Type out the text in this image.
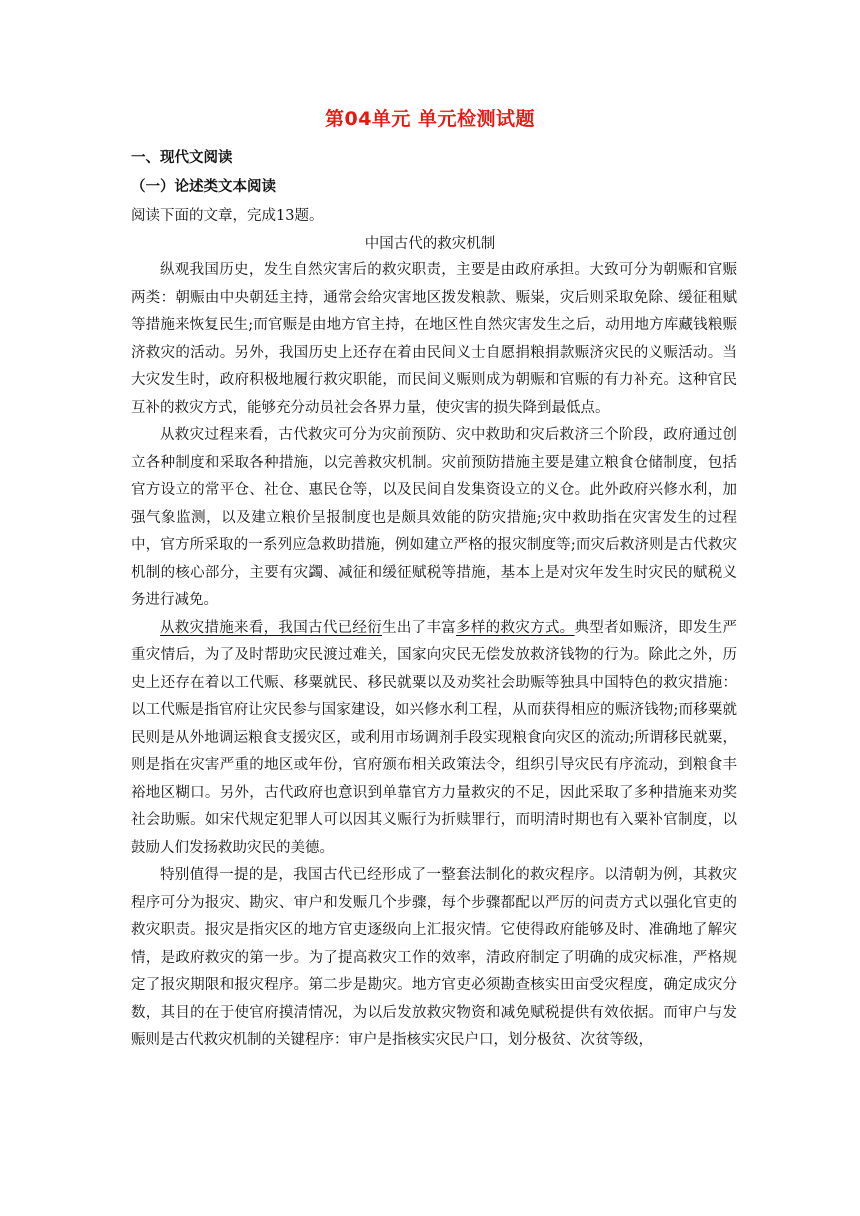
第04单元 单元检测试题
一、现代文阅读
（一）论述类文本阅读
阅读下面的文章，完成13题。
中国古代的救灾机制

纵观我国历史，发生自然灾害后的救灾职责，主要是由政府承担。大致可分为朝赈和官赈两类：朝赈由中央朝廷主持，通常会给灾害地区拨发粮款、赈粜，灾后则采取免除、缓征租赋等措施来恢复民生;而官赈是由地方官主持，在地区性自然灾害发生之后，动用地方库藏钱粮赈济救灾的活动。另外，我国历史上还存在着由民间义士自愿捐粮捐款赈济灾民的义赈活动。当大灾发生时，政府积极地履行救灾职能，而民间义赈则成为朝赈和官赈的有力补充。这种官民互补的救灾方式，能够充分动员社会各界力量，使灾害的损失降到最低点。

从救灾过程来看，古代救灾可分为灾前预防、灾中救助和灾后救济三个阶段，政府通过创立各种制度和采取各种措施，以完善救灾机制。灾前预防措施主要是建立粮食仓储制度，包括官方设立的常平仓、社仓、惠民仓等，以及民间自发集资设立的义仓。此外政府兴修水利，加强气象监测，以及建立粮价呈报制度也是颇具效能的防灾措施;灾中救助指在灾害发生的过程中，官方所采取的一系列应急救助措施，例如建立严格的报灾制度等;而灾后救济则是古代救灾机制的核心部分，主要有灾蠲、减征和缓征赋税等措施，基本上是对灾年发生时灾民的赋税义务进行减免。

从救灾措施来看，我国古代已经衍生出了丰富多样的救灾方式。典型者如赈济，即发生严重灾情后，为了及时帮助灾民渡过难关，国家向灾民无偿发放救济钱物的行为。除此之外，历史上还存在着以工代赈、移粟就民、移民就粟以及劝奖社会助赈等独具中国特色的救灾措施：以工代赈是指官府让灾民参与国家建设，如兴修水利工程，从而获得相应的赈济钱物;而移粟就民则是从外地调运粮食支援灾区，或利用市场调剂手段实现粮食向灾区的流动;所谓移民就粟，则是指在灾害严重的地区或年份，官府颁布相关政策法令，组织引导灾民有序流动，到粮食丰裕地区糊口。另外，古代政府也意识到单靠官方力量救灾的不足，因此采取了多种措施来劝奖社会助赈。如宋代规定犯罪人可以因其义赈行为折赎罪行，而明清时期也有入粟补官制度，以鼓励人们发扬救助灾民的美德。

特别值得一提的是，我国古代已经形成了一整套法制化的救灾程序。以清朝为例，其救灾程序可分为报灾、勘灾、审户和发赈几个步骤，每个步骤都配以严厉的问责方式以强化官吏的救灾职责。报灾是指灾区的地方官吏逐级向上汇报灾情。它使得政府能够及时、准确地了解灾情，是政府救灾的第一步。为了提高救灾工作的效率，清政府制定了明确的成灾标准，严格规定了报灾期限和报灾程序。第二步是勘灾。地方官吏必须勘查核实田亩受灾程度，确定成灾分数，其目的在于使官府摸清情况，为以后发放救灾物资和减免赋税提供有效依据。而审户与发赈则是古代救灾机制的关键程序：审户是指核实灾民户口，划分极贫、次贫等级，
